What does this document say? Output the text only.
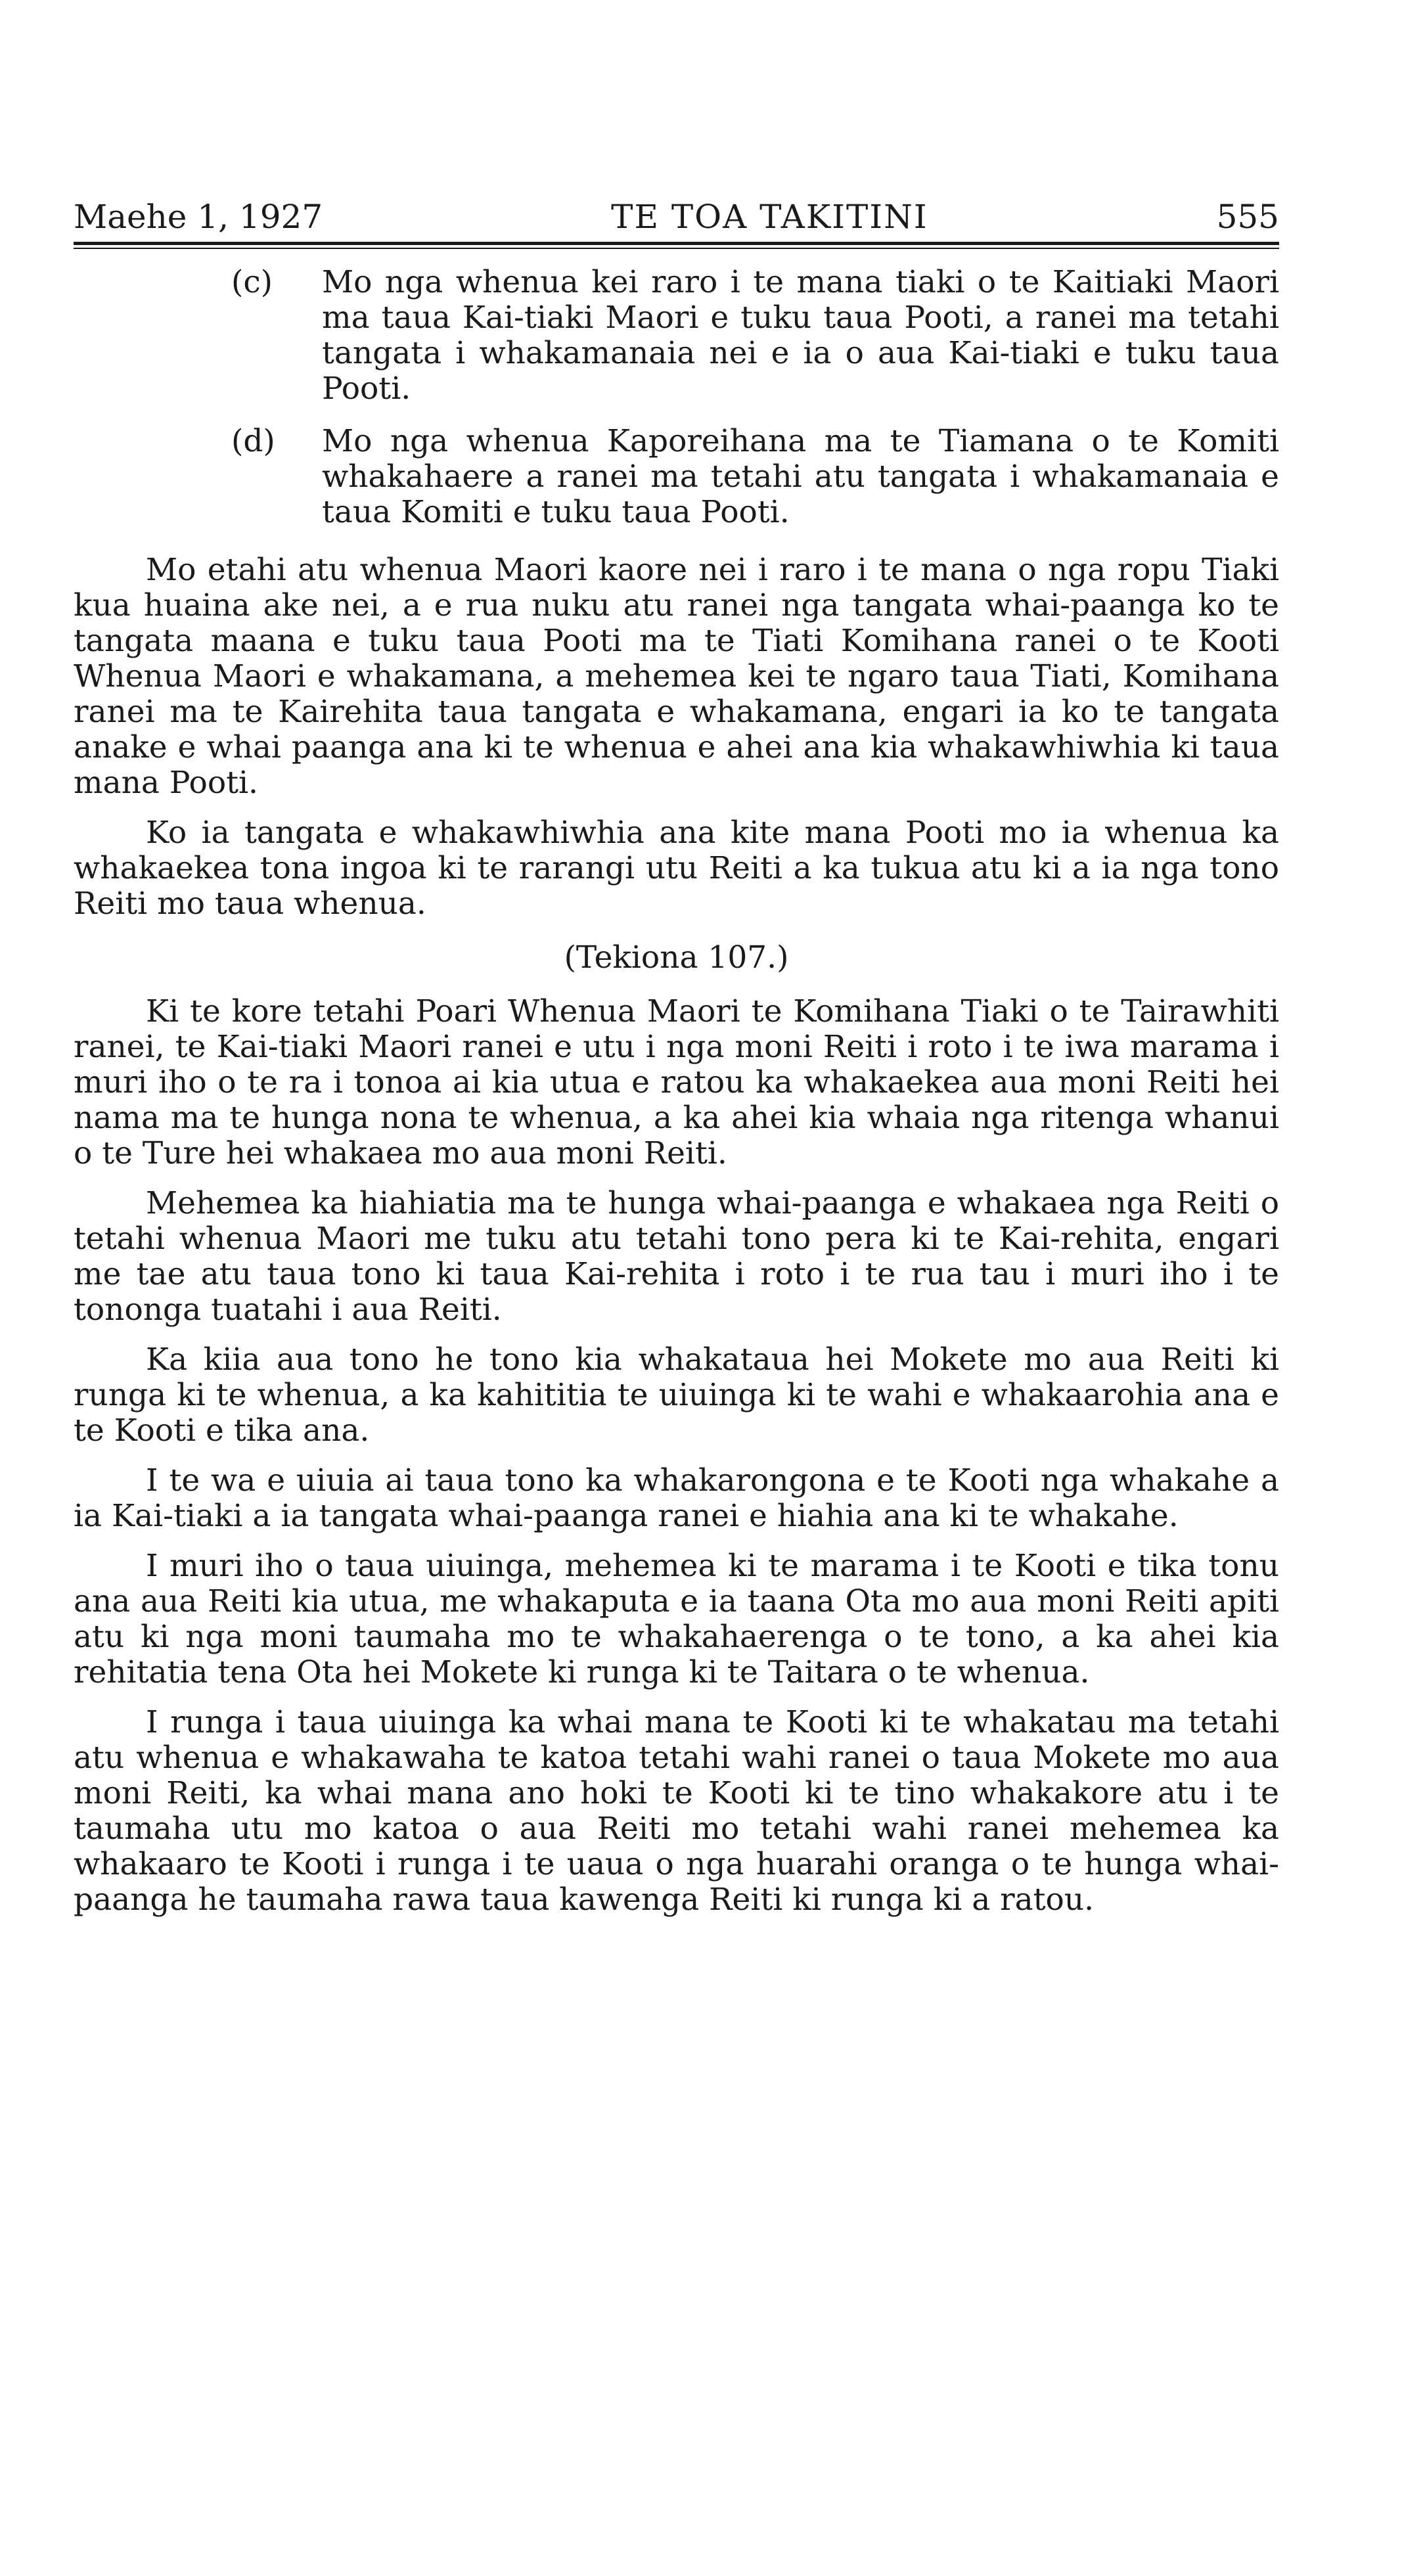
Maehe 1, 1927	TE TOA TAKITINI	555
(c)	Mo nga whenua kei raro i te mana tiaki o te Kaitiaki Maori ma taua Kai-tiaki Maori e tuku taua Pooti, a ranei ma tetahi tangata i whakamanaia nei e ia o aua Kai-tiaki e tuku taua Pooti.
(d)	Mo nga whenua Kaporeihana ma te Tiamana o te Komiti whakahaere a ranei ma tetahi atu tangata i whakamanaia e taua Komiti e tuku taua Pooti.

Mo etahi atu whenua Maori kaore nei i raro i te mana o nga ropu Tiaki kua huaina ake nei, a e rua nuku atu ranei nga tangata whai-paanga ko te tangata maana e tuku taua Pooti ma te Tiati Komihana ranei o te Kooti Whenua Maori e whakamana, a mehemea kei te ngaro taua Tiati, Komihana ranei ma te Kairehita taua tangata e whakamana, engari ia ko te tangata anake e whai paanga ana ki te whenua e ahei ana kia whakawhiwhia ki taua mana Pooti.

Ko ia tangata e whakawhiwhia ana kite mana Pooti mo ia whenua ka whakaekea tona ingoa ki te rarangi utu Reiti a ka tukua atu ki a ia nga tono Reiti mo taua whenua.

(Tekiona 107.)

Ki te kore tetahi Poari Whenua Maori te Komihana Tiaki o te Tairawhiti ranei, te Kai-tiaki Maori ranei e utu i nga moni Reiti i roto i te iwa marama i muri iho o te ra i tonoa ai kia utua e ratou ka whakaekea aua moni Reiti hei nama ma te hunga nona te whenua, a ka ahei kia whaia nga ritenga whanui o te Ture hei whakaea mo aua moni Reiti.

Mehemea ka hiahiatia ma te hunga whai-paanga e whakaea nga Reiti o tetahi whenua Maori me tuku atu tetahi tono pera ki te Kai-rehita, engari me tae atu taua tono ki taua Kai-rehita i roto i te rua tau i muri iho i te tononga tuatahi i aua Reiti.

Ka kiia aua tono he tono kia whakataua hei Mokete mo aua Reiti ki runga ki te whenua, a ka kahititia te uiuinga ki te wahi e whakaarohia ana e te Kooti e tika ana.

I te wa e uiuia ai taua tono ka whakarongona e te Kooti nga whakahe a ia Kai-tiaki a ia tangata whai-paanga ranei e hiahia ana ki te whakahe.

I muri iho o taua uiuinga, mehemea ki te marama i te Kooti e tika tonu ana aua Reiti kia utua, me whakaputa e ia taana Ota mo aua moni Reiti apiti atu ki nga moni taumaha mo te whakahaerenga o te tono, a ka ahei kia rehitatia tena Ota hei Mokete ki runga ki te Taitara o te whenua.

I runga i taua uiuinga ka whai mana te Kooti ki te whakatau ma tetahi atu whenua e whakawaha te katoa tetahi wahi ranei o taua Mokete mo aua moni Reiti, ka whai mana ano hoki te Kooti ki te tino whakakore atu i te taumaha utu mo katoa o aua Reiti mo tetahi wahi ranei mehemea ka whakaaro te Kooti i runga i te uaua o nga huarahi oranga o te hunga whai-paanga he taumaha rawa taua kawenga Reiti ki runga ki a ratou.
